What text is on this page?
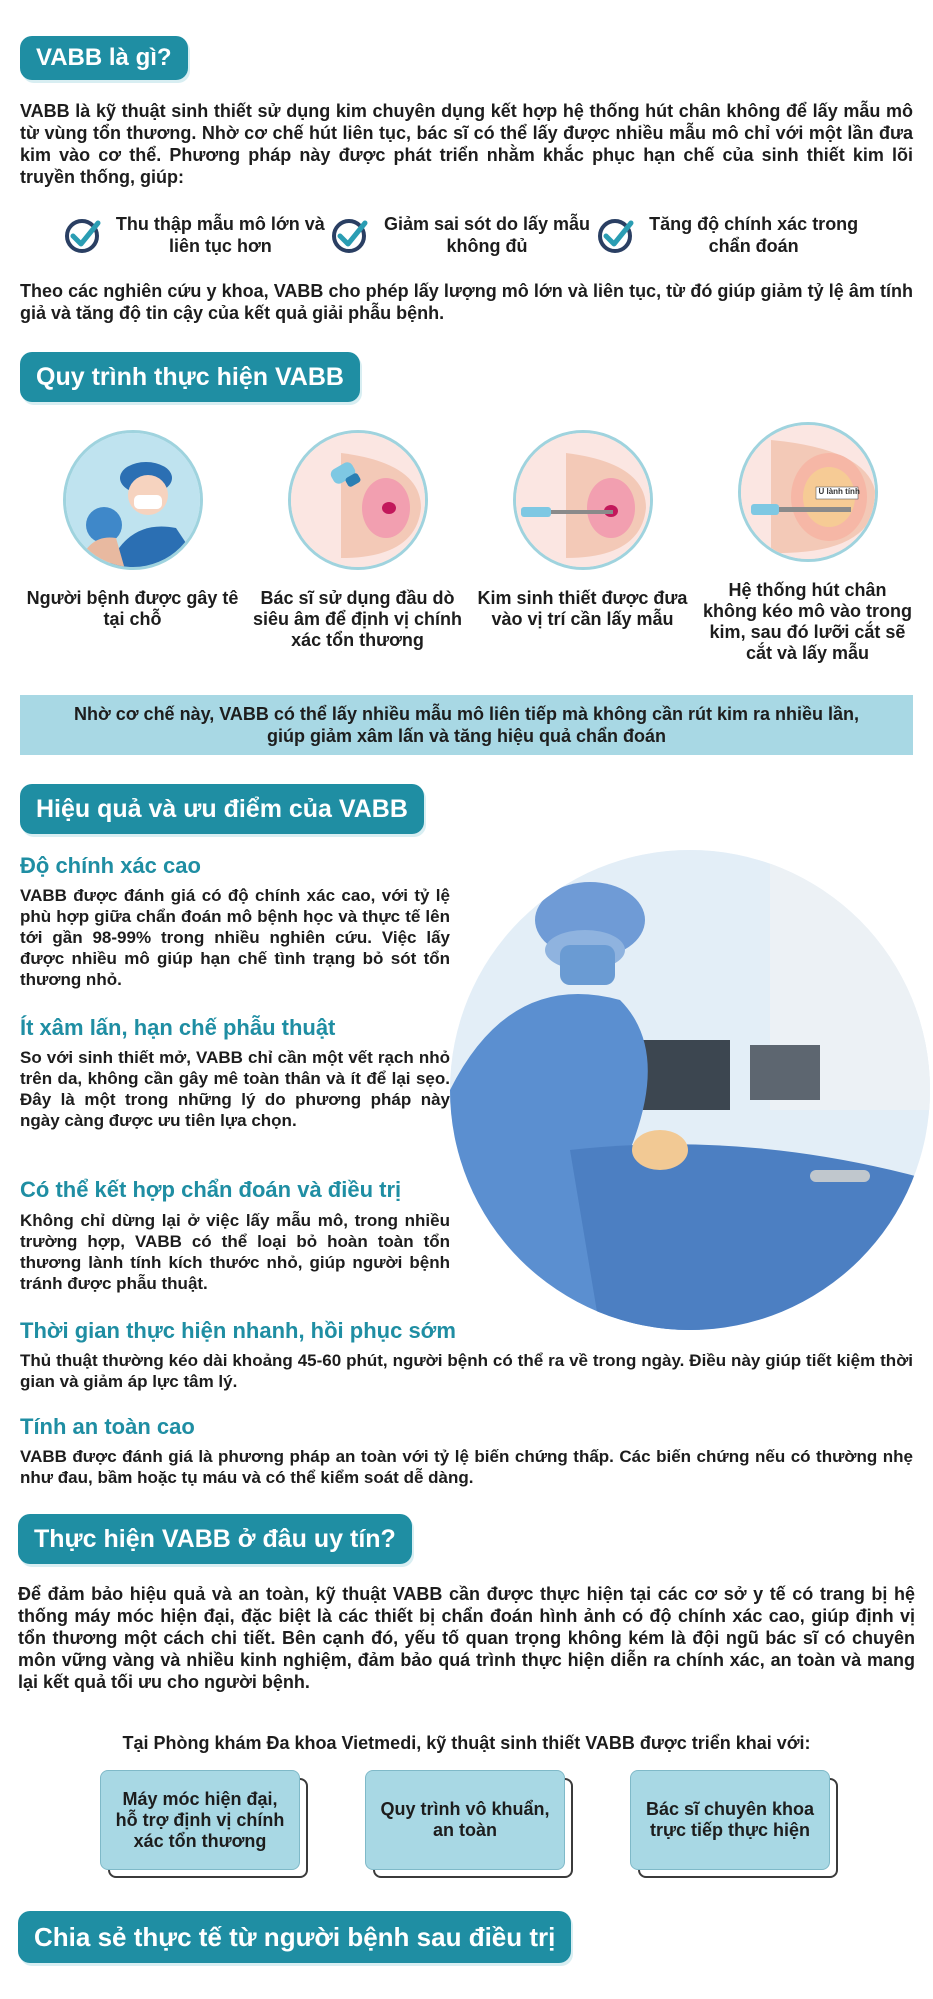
VABB là gì?

VABB là kỹ thuật sinh thiết sử dụng kim chuyên dụng kết hợp hệ thống hút chân không để lấy mẫu mô từ vùng tổn thương. Nhờ cơ chế hút liên tục, bác sĩ có thể lấy được nhiều mẫu mô chỉ với một lần đưa kim vào cơ thể. Phương pháp này được phát triển nhằm khắc phục hạn chế của sinh thiết kim lõi truyền thống, giúp:

Thu thập mẫu mô lớn và liên tục hơn
Giảm sai sót do lấy mẫu không đủ
Tăng độ chính xác trong chẩn đoán

Theo các nghiên cứu y khoa, VABB cho phép lấy lượng mô lớn và liên tục, từ đó giúp giảm tỷ lệ âm tính giả và tăng độ tin cậy của kết quả giải phẫu bệnh.

Quy trình thực hiện VABB
Người bệnh được gây tê tại chỗ
Bác sĩ sử dụng đầu dò siêu âm để định vị chính xác tổn thương
Kim sinh thiết được đưa vào vị trí cần lấy mẫu
U lành tính
Hệ thống hút chân không kéo mô vào trong kim, sau đó lưỡi cắt sẽ cắt và lấy mẫu
Nhờ cơ chế này, VABB có thể lấy nhiều mẫu mô liên tiếp mà không cần rút kim ra nhiều lần, giúp giảm xâm lấn và tăng hiệu quả chẩn đoán
Hiệu quả và ưu điểm của VABB
Độ chính xác cao

VABB được đánh giá có độ chính xác cao, với tỷ lệ phù hợp giữa chẩn đoán mô bệnh học và thực tế lên tới gần 98-99% trong nhiều nghiên cứu. Việc lấy được nhiều mô giúp hạn chế tình trạng bỏ sót tổn thương nhỏ.

Ít xâm lấn, hạn chế phẫu thuật

So với sinh thiết mở, VABB chỉ cần một vết rạch nhỏ trên da, không cần gây mê toàn thân và ít để lại sẹo. Đây là một trong những lý do phương pháp này ngày càng được ưu tiên lựa chọn.

Có thể kết hợp chẩn đoán và điều trị

Không chỉ dừng lại ở việc lấy mẫu mô, trong nhiều trường hợp, VABB có thể loại bỏ hoàn toàn tổn thương lành tính kích thước nhỏ, giúp người bệnh tránh được phẫu thuật.

Thời gian thực hiện nhanh, hồi phục sớm

Thủ thuật thường kéo dài khoảng 45-60 phút, người bệnh có thể ra về trong ngày. Điều này giúp tiết kiệm thời gian và giảm áp lực tâm lý.

Tính an toàn cao

VABB được đánh giá là phương pháp an toàn với tỷ lệ biến chứng thấp. Các biến chứng nếu có thường nhẹ như đau, bầm hoặc tụ máu và có thể kiểm soát dễ dàng.

Thực hiện VABB ở đâu uy tín?

Để đảm bảo hiệu quả và an toàn, kỹ thuật VABB cần được thực hiện tại các cơ sở y tế có trang bị hệ thống máy móc hiện đại, đặc biệt là các thiết bị chẩn đoán hình ảnh có độ chính xác cao, giúp định vị tổn thương một cách chi tiết. Bên cạnh đó, yếu tố quan trọng không kém là đội ngũ bác sĩ có chuyên môn vững vàng và nhiều kinh nghiệm, đảm bảo quá trình thực hiện diễn ra chính xác, an toàn và mang lại kết quả tối ưu cho người bệnh.

Tại Phòng khám Đa khoa Vietmedi, kỹ thuật sinh thiết VABB được triển khai với:
Máy móc hiện đại, hỗ trợ định vị chính xác tổn thương
Quy trình vô khuẩn, an toàn
Bác sĩ chuyên khoa trực tiếp thực hiện
Chia sẻ thực tế từ người bệnh sau điều trị
